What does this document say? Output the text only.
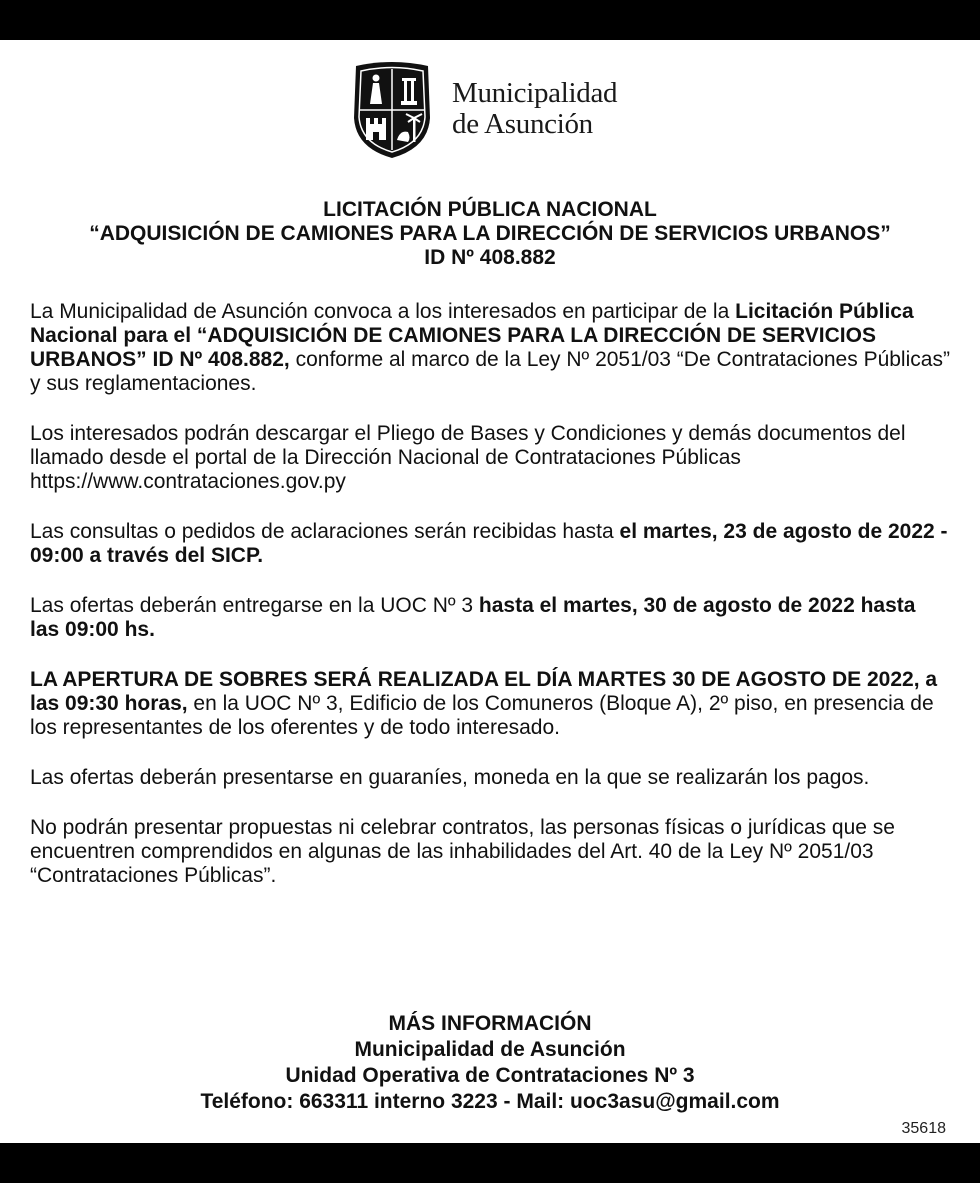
Municipalidad
de Asunción
LICITACIÓN PÚBLICA NACIONAL
“ADQUISICIÓN DE CAMIONES PARA LA DIRECCIÓN DE SERVICIOS URBANOS”
ID Nº 408.882

La Municipalidad de Asunción convoca a los interesados en participar de la Licitación Pública Nacional para el “ADQUISICIÓN DE CAMIONES PARA LA DIRECCIÓN DE SERVICIOS URBANOS” ID Nº 408.882, conforme al marco de la Ley Nº 2051/03 “De Contrataciones Públicas” y sus reglamentaciones.

Los interesados podrán descargar el Pliego de Bases y Condiciones y demás documentos del llamado desde el portal de la Dirección Nacional de Contrataciones Públicas https://www.contrataciones.gov.py

Las consultas o pedidos de aclaraciones serán recibidas hasta el martes, 23 de agosto de 2022 - 09:00 a través del SICP.

Las ofertas deberán entregarse en la UOC Nº 3 hasta el martes, 30 de agosto de 2022 hasta las 09:00 hs.

LA APERTURA DE SOBRES SERÁ REALIZADA EL DÍA MARTES 30 DE AGOSTO DE 2022, a las 09:30 horas, en la UOC Nº 3, Edificio de los Comuneros (Bloque A), 2º piso, en presencia de los representantes de los oferentes y de todo interesado.

Las ofertas deberán presentarse en guaraníes, moneda en la que se realizarán los pagos.

No podrán presentar propuestas ni celebrar contratos, las personas físicas o jurídicas que se encuentren comprendidos en algunas de las inhabilidades del Art. 40 de la Ley Nº 2051/03 “Contrataciones Públicas”.

MÁS INFORMACIÓN
Municipalidad de Asunción
Unidad Operativa de Contrataciones Nº 3
Teléfono: 663311 interno 3223 - Mail: uoc3asu@gmail.com
35618
